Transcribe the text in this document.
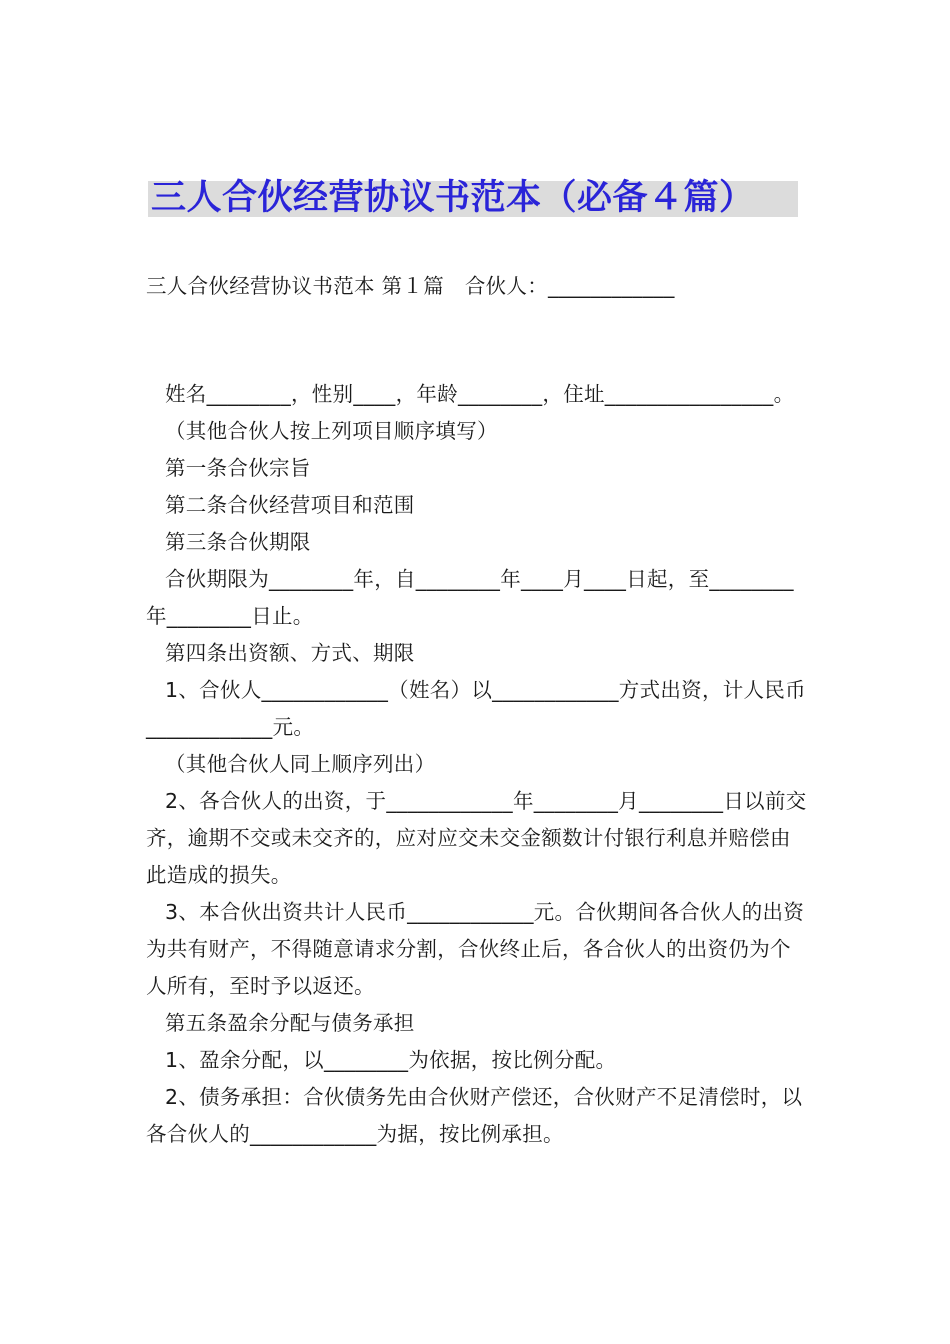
三人合伙经营协议书范本（必备４篇）
三人合伙经营协议书范本 第１篇　合伙人：____________

姓名________，性别____，年龄________，住址________________。

（其他合伙人按上列项目顺序填写）

第一条合伙宗旨

第二条合伙经营项目和范围

第三条合伙期限

合伙期限为________年，自________年____月____日起，至________年________日止。

第四条出资额、方式、期限

1、合伙人____________（姓名）以____________方式出资，计人民币____________元。

（其他合伙人同上顺序列出）

2、各合伙人的出资，于____________年________月________日以前交齐，逾期不交或未交齐的，应对应交未交金额数计付银行利息并赔偿由此造成的损失。

3、本合伙出资共计人民币____________元。合伙期间各合伙人的出资为共有财产，不得随意请求分割，合伙终止后，各合伙人的出资仍为个人所有，至时予以返还。

第五条盈余分配与债务承担

1、盈余分配，以________为依据，按比例分配。

2、债务承担：合伙债务先由合伙财产偿还，合伙财产不足清偿时，以各合伙人的____________为据，按比例承担。
